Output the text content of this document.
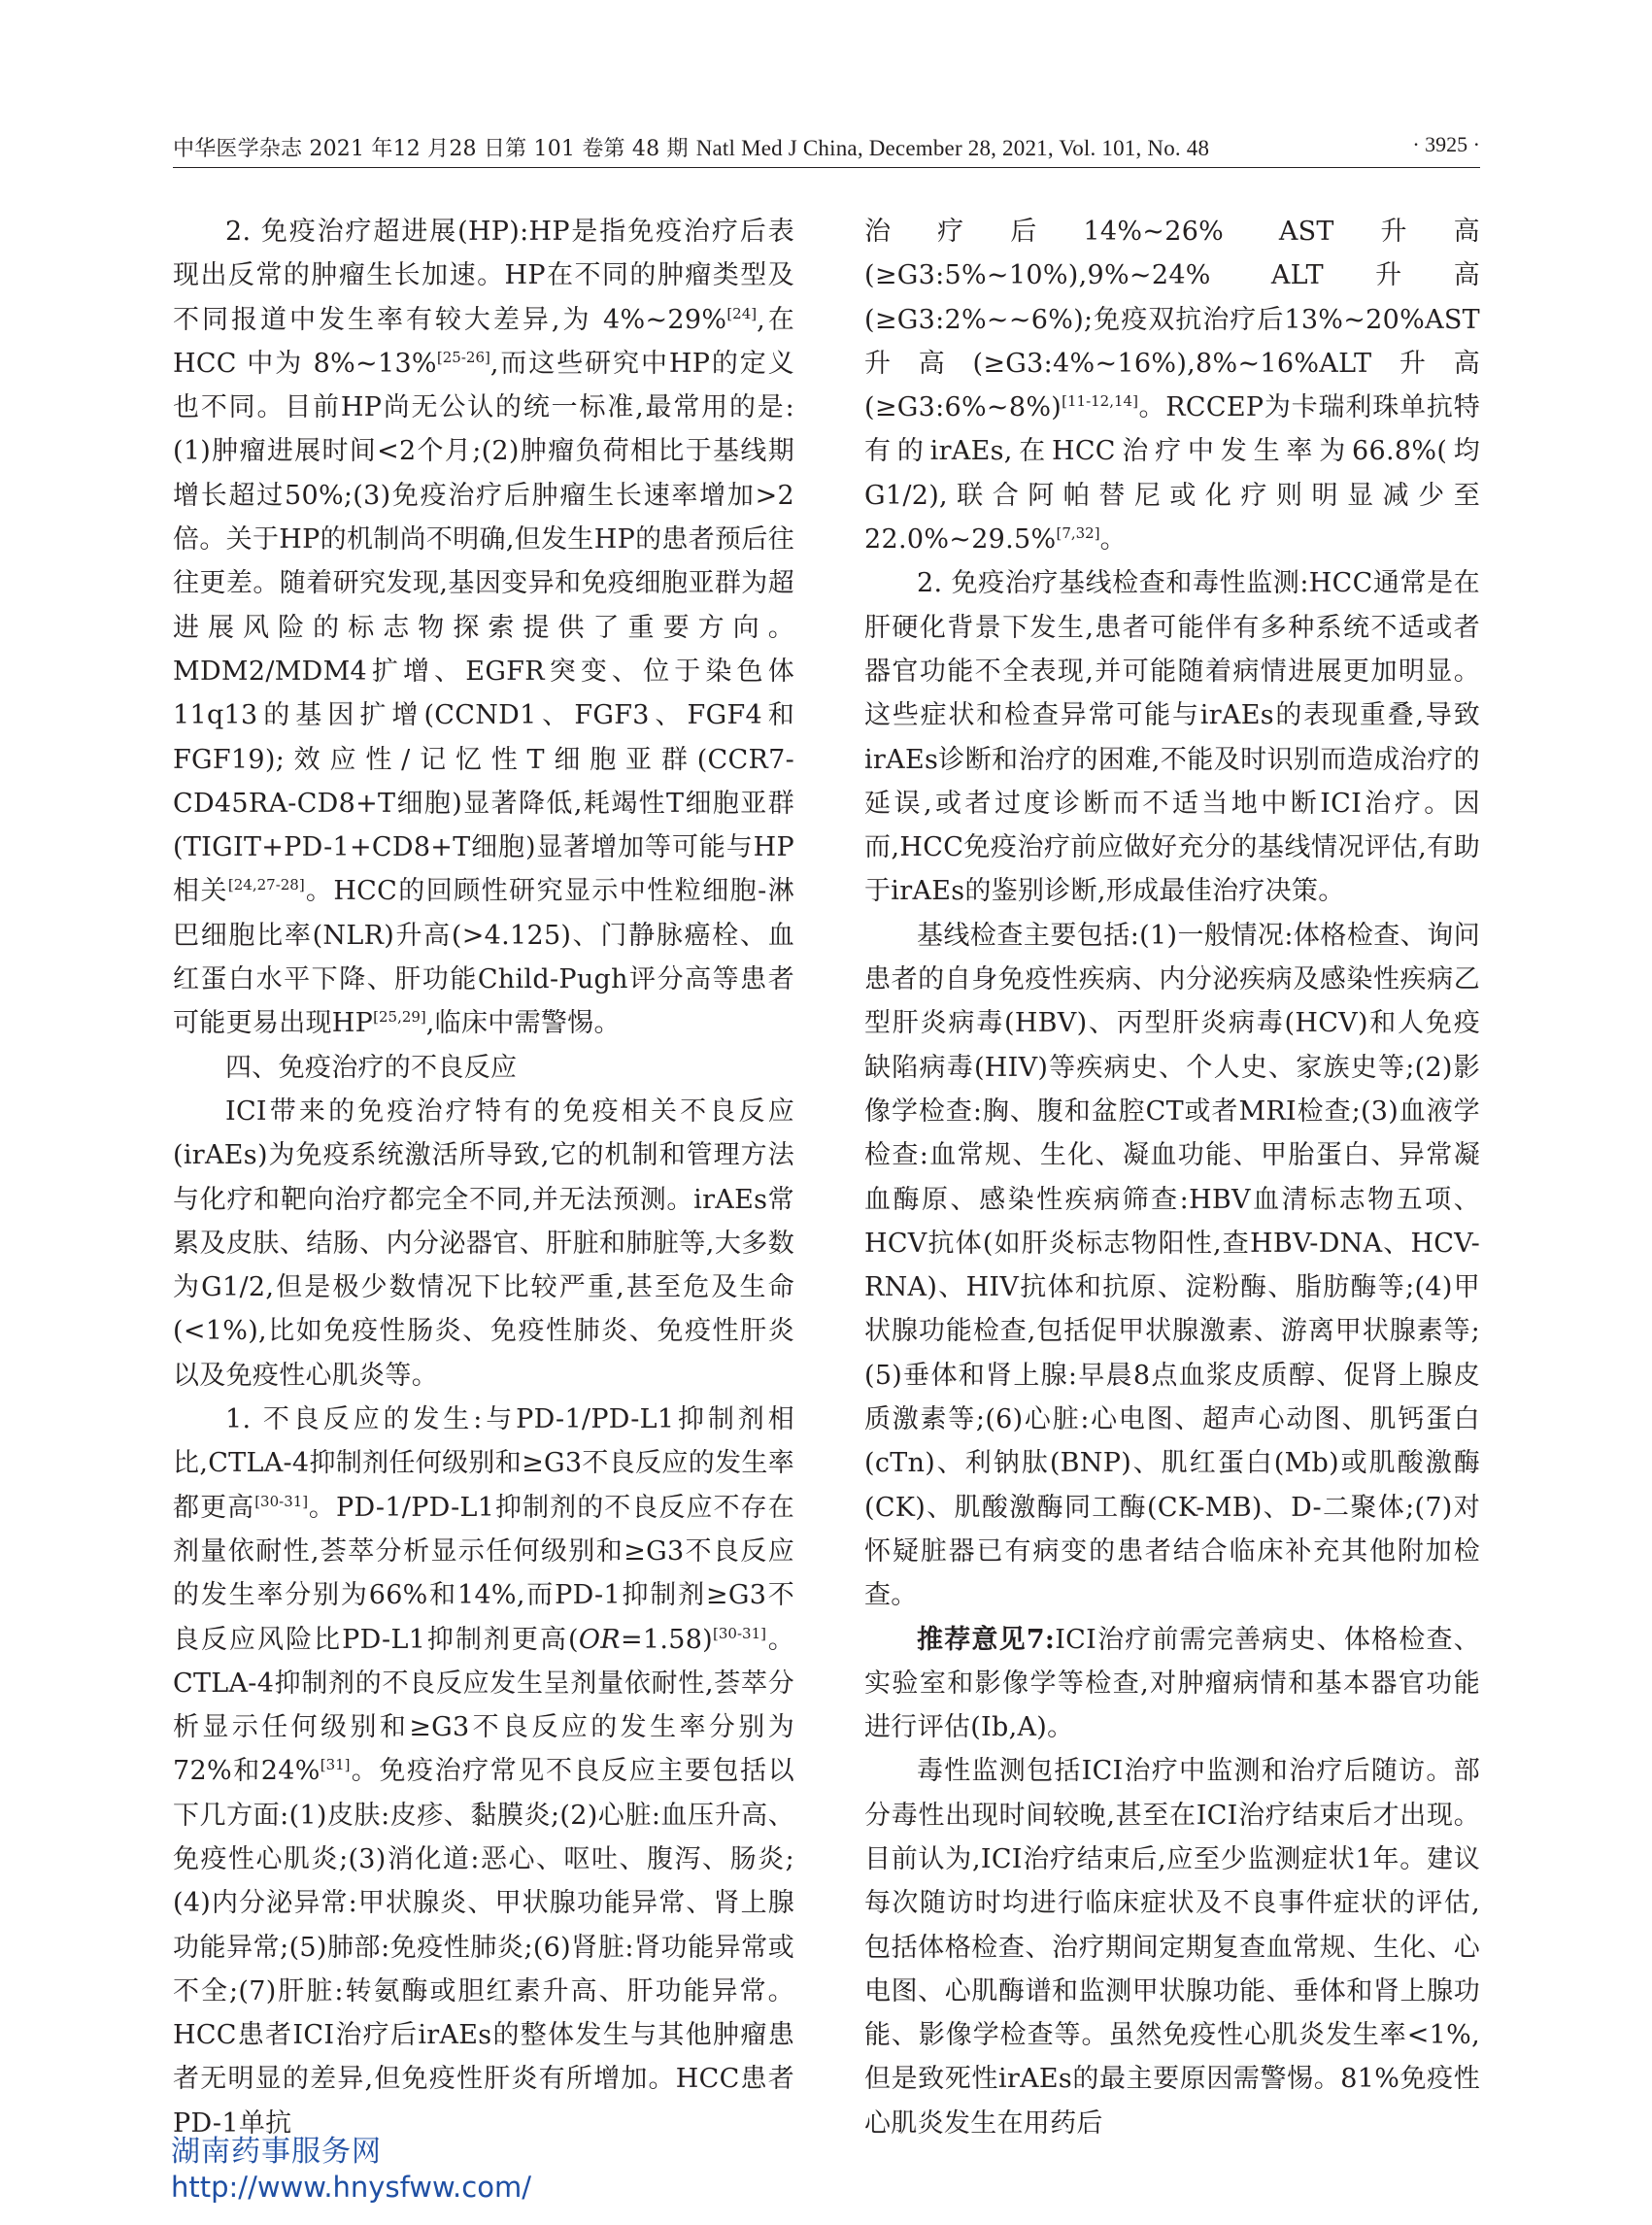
中华医学杂志 2021 年12 月28 日第 101 卷第 48 期 Natl Med J China, December 28, 2021, Vol. 101, No. 48	· 3925 ·

2. 免疫治疗超进展(HP):HP是指免疫治疗后表现出反常的肿瘤生长加速。HP在不同的肿瘤类型及不同报道中发生率有较大差异,为 4%~29%[24],在 HCC 中为 8%~13%[25-26],而这些研究中HP的定义也不同。目前HP尚无公认的统一标准,最常用的是:(1)肿瘤进展时间<2个月;(2)肿瘤负荷相比于基线期增长超过50%;(3)免疫治疗后肿瘤生长速率增加>2倍。关于HP的机制尚不明确,但发生HP的患者预后往往更差。随着研究发现,基因变异和免疫细胞亚群为超进展风险的标志物探索提供了重要方向。MDM2/MDM4扩增、EGFR突变、位于染色体11q13的基因扩增(CCND1、FGF3、FGF4和FGF19);效应性/记忆性T细胞亚群(CCR7-CD45RA-CD8+T细胞)显著降低,耗竭性T细胞亚群(TIGIT+PD-1+CD8+T细胞)显著增加等可能与HP相关[24,27-28]。HCC的回顾性研究显示中性粒细胞-淋巴细胞比率(NLR)升高(>4.125)、门静脉癌栓、血红蛋白水平下降、肝功能Child-Pugh评分高等患者可能更易出现HP[25,29],临床中需警惕。

四、免疫治疗的不良反应

ICI带来的免疫治疗特有的免疫相关不良反应(irAEs)为免疫系统激活所导致,它的机制和管理方法与化疗和靶向治疗都完全不同,并无法预测。irAEs常累及皮肤、结肠、内分泌器官、肝脏和肺脏等,大多数为G1/2,但是极少数情况下比较严重,甚至危及生命(<1%),比如免疫性肠炎、免疫性肺炎、免疫性肝炎以及免疫性心肌炎等。

1. 不良反应的发生:与PD-1/PD-L1抑制剂相比,CTLA-4抑制剂任何级别和≥G3不良反应的发生率都更高[30-31]。PD-1/PD-L1抑制剂的不良反应不存在剂量依耐性,荟萃分析显示任何级别和≥G3不良反应的发生率分别为66%和14%,而PD-1抑制剂≥G3不良反应风险比PD-L1抑制剂更高(OR=1.58)[30-31]。CTLA-4抑制剂的不良反应发生呈剂量依耐性,荟萃分析显示任何级别和≥G3不良反应的发生率分别为72%和24%[31]。免疫治疗常见不良反应主要包括以下几方面:(1)皮肤:皮疹、黏膜炎;(2)心脏:血压升高、免疫性心肌炎;(3)消化道:恶心、呕吐、腹泻、肠炎;(4)内分泌异常:甲状腺炎、甲状腺功能异常、肾上腺功能异常;(5)肺部:免疫性肺炎;(6)肾脏:肾功能异常或不全;(7)肝脏:转氨酶或胆红素升高、肝功能异常。HCC患者ICI治疗后irAEs的整体发生与其他肿瘤患者无明显的差异,但免疫性肝炎有所增加。HCC患者PD-1单抗

治疗后14%~26% AST升高(≥G3:5%~10%),9%~24% ALT升高(≥G3:2%~~6%);免疫双抗治疗后13%~20%AST升高(≥G3:4%~16%),8%~16%ALT升高(≥G3:6%~8%)[11-12,14]。RCCEP为卡瑞利珠单抗特有的irAEs,在HCC治疗中发生率为66.8%(均G1/2),联合阿帕替尼或化疗则明显减少至22.0%~29.5%[7,32]。

2. 免疫治疗基线检查和毒性监测:HCC通常是在肝硬化背景下发生,患者可能伴有多种系统不适或者器官功能不全表现,并可能随着病情进展更加明显。这些症状和检查异常可能与irAEs的表现重叠,导致irAEs诊断和治疗的困难,不能及时识别而造成治疗的延误,或者过度诊断而不适当地中断ICI治疗。因而,HCC免疫治疗前应做好充分的基线情况评估,有助于irAEs的鉴别诊断,形成最佳治疗决策。

基线检查主要包括:(1)一般情况:体格检查、询问患者的自身免疫性疾病、内分泌疾病及感染性疾病乙型肝炎病毒(HBV)、丙型肝炎病毒(HCV)和人免疫缺陷病毒(HIV)等疾病史、个人史、家族史等;(2)影像学检查:胸、腹和盆腔CT或者MRI检查;(3)血液学检查:血常规、生化、凝血功能、甲胎蛋白、异常凝血酶原、感染性疾病筛查:HBV血清标志物五项、HCV抗体(如肝炎标志物阳性,查HBV-DNA、HCV-RNA)、HIV抗体和抗原、淀粉酶、脂肪酶等;(4)甲状腺功能检查,包括促甲状腺激素、游离甲状腺素等;(5)垂体和肾上腺:早晨8点血浆皮质醇、促肾上腺皮质激素等;(6)心脏:心电图、超声心动图、肌钙蛋白(cTn)、利钠肽(BNP)、肌红蛋白(Mb)或肌酸激酶(CK)、肌酸激酶同工酶(CK-MB)、D-二聚体;(7)对怀疑脏器已有病变的患者结合临床补充其他附加检查。

推荐意见7:ICI治疗前需完善病史、体格检查、实验室和影像学等检查,对肿瘤病情和基本器官功能进行评估(Ⅰb,A)。

毒性监测包括ICI治疗中监测和治疗后随访。部分毒性出现时间较晚,甚至在ICI治疗结束后才出现。目前认为,ICI治疗结束后,应至少监测症状1年。建议每次随访时均进行临床症状及不良事件症状的评估,包括体格检查、治疗期间定期复查血常规、生化、心电图、心肌酶谱和监测甲状腺功能、垂体和肾上腺功能、影像学检查等。虽然免疫性心肌炎发生率<1%,但是致死性irAEs的最主要原因需警惕。81%免疫性心肌炎发生在用药后

湖南药事服务网
http://www.hnysfww.com/
